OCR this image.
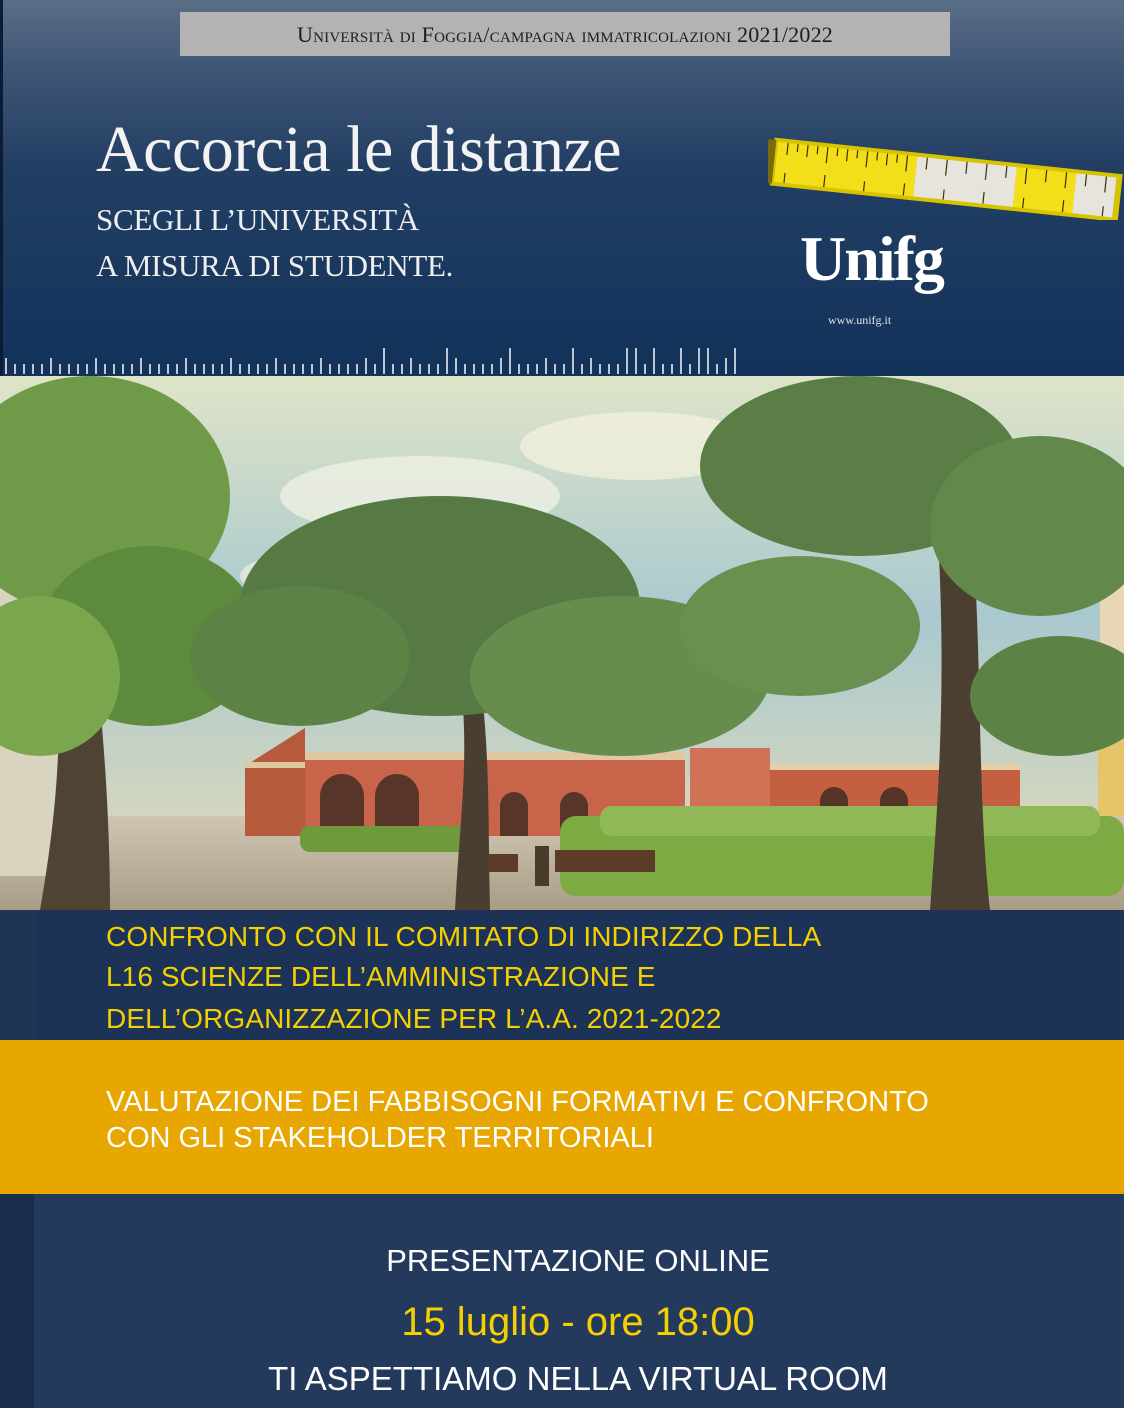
Università di Foggia/campagna immatricolazioni 2021/2022
Accorcia le distanze
SCEGLI L’UNIVERSITÀ
A MISURA DI STUDENTE.	Unifg
www.unifg.it
CONFRONTO CON IL COMITATO DI INDIRIZZO DELLA
L16 SCIENZE DELL’AMMINISTRAZIONE E
DELL’ORGANIZZAZIONE PER L’A.A. 2021-2022
VALUTAZIONE DEI FABBISOGNI FORMATIVI E CONFRONTO
CON GLI STAKEHOLDER TERRITORIALI
PRESENTAZIONE ONLINE
15 luglio - ore 18:00
TI ASPETTIAMO NELLA VIRTUAL ROOM
